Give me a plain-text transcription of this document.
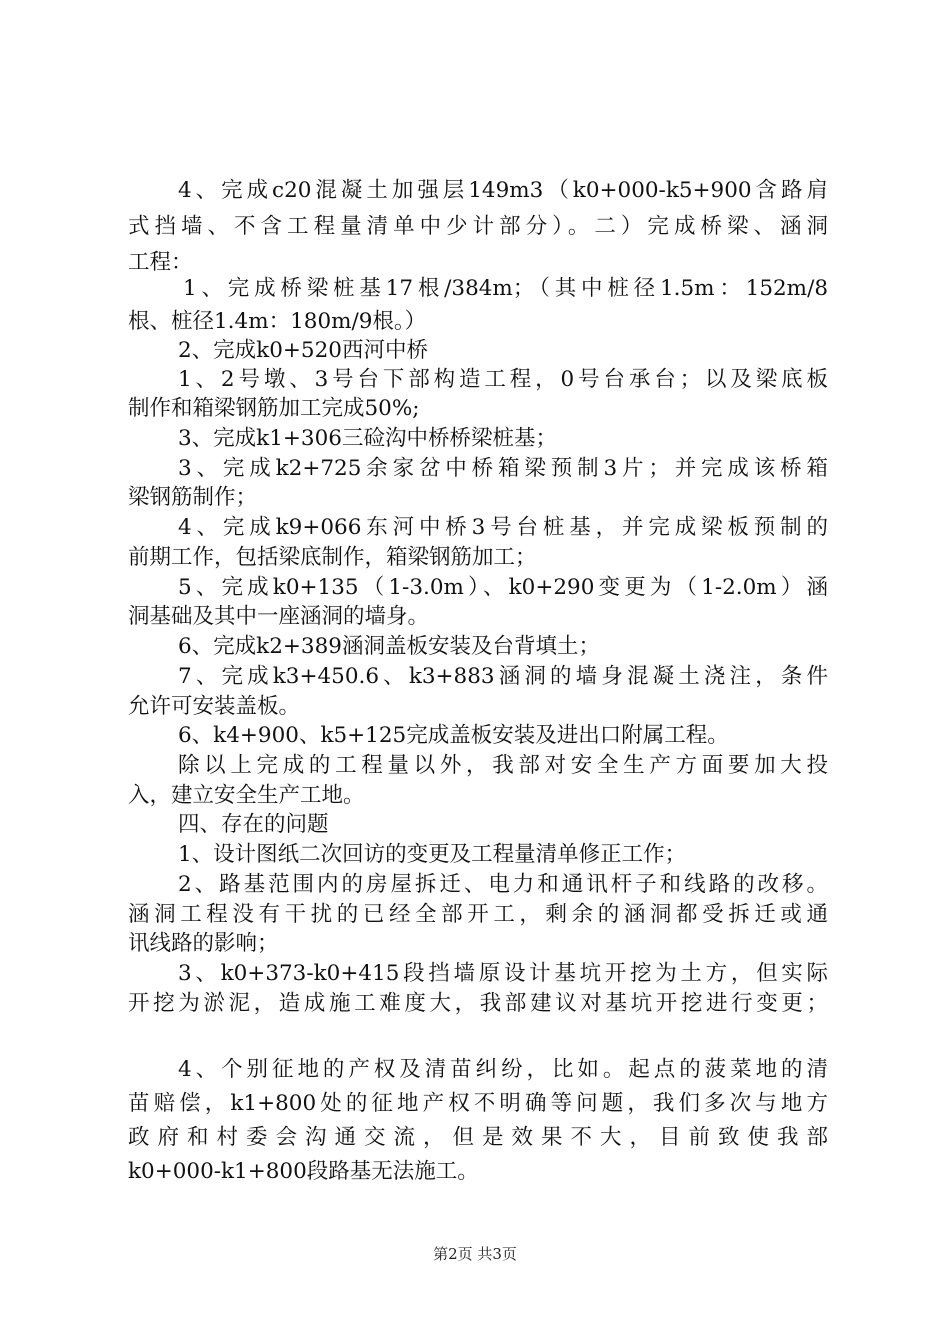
4、完成c20混凝土加强层149m3（k0+000-k5+900含路肩
式挡墙、不含工程量清单中少计部分）。二）完成桥梁、涵洞
工程：
1、完成桥梁桩基17根/384m；（其中桩径1.5m：152m/8
根、桩径1.4m：180m/9根。）
2、完成k0+520西河中桥
1、2号墩、3号台下部构造工程，0号台承台；以及梁底板
制作和箱梁钢筋加工完成50%;
3、完成k1+306三硷沟中桥桥梁桩基；
3、完成k2+725余家岔中桥箱梁预制3片；并完成该桥箱
梁钢筋制作；
4、完成k9+066东河中桥3号台桩基，并完成梁板预制的
前期工作，包括梁底制作，箱梁钢筋加工；
5、完成k0+135（1-3.0m）、k0+290变更为（1-2.0m）涵
洞基础及其中一座涵洞的墙身。
6、完成k2+389涵洞盖板安装及台背填土；
7、完成k3+450.6、k3+883涵洞的墙身混凝土浇注，条件
允许可安装盖板。
6、k4+900、k5+125完成盖板安装及进出口附属工程。
除以上完成的工程量以外，我部对安全生产方面要加大投
入，建立安全生产工地。
四、存在的问题
1、设计图纸二次回访的变更及工程量清单修正工作；
2、路基范围内的房屋拆迁、电力和通讯杆子和线路的改移。
涵洞工程没有干扰的已经全部开工，剩余的涵洞都受拆迁或通
讯线路的影响；
3、k0+373-k0+415段挡墙原设计基坑开挖为土方，但实际
开挖为淤泥，造成施工难度大，我部建议对基坑开挖进行变更；
4、个别征地的产权及清苗纠纷，比如。起点的菠菜地的清
苗赔偿，k1+800处的征地产权不明确等问题，我们多次与地方
政府和村委会沟通交流，但是效果不大，目前致使我部
k0+000-k1+800段路基无法施工。
第2页 共3页
